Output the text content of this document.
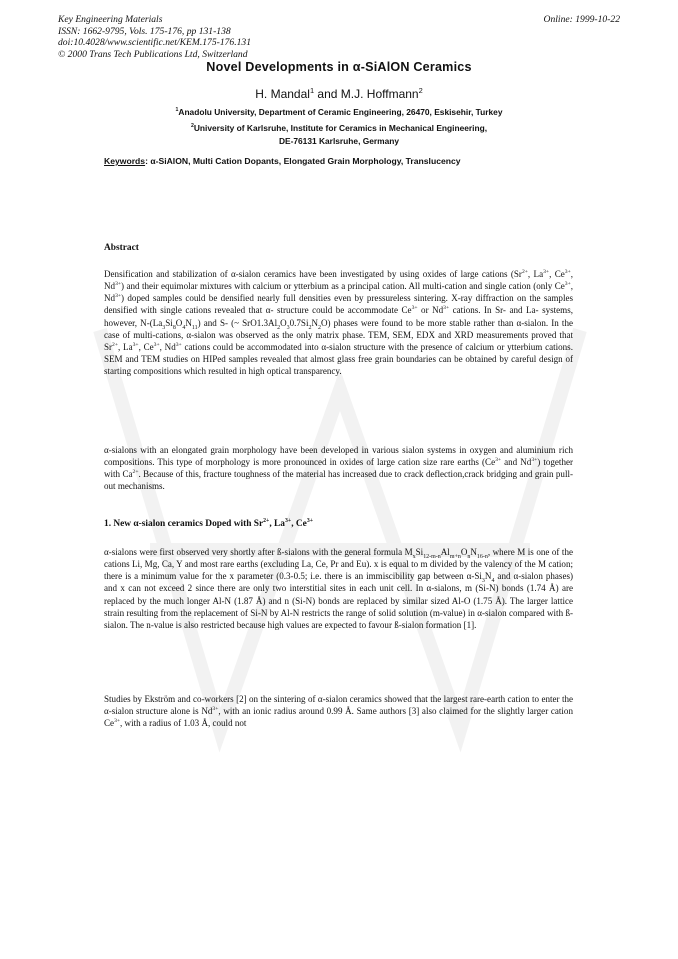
Key Engineering Materials
ISSN: 1662-9795, Vols. 175-176, pp 131-138
doi:10.4028/www.scientific.net/KEM.175-176.131
© 2000 Trans Tech Publications Ltd, Switzerland
Online: 1999-10-22
Novel Developments in α-SiAlON Ceramics
H. Mandal$^1$ and M.J. Hoffmann$^2$
$^1$Anadolu University, Department of Ceramic Engineering, 26470, Eskisehir, Turkey
$^2$University of Karlsruhe, Institute for Ceramics in Mechanical Engineering,
DE-76131 Karlsruhe, Germany
Keywords: α-SiAlON, Multi Cation Dopants, Elongated Grain Morphology, Translucency
Abstract

Densification and stabilization of α-sialon ceramics have been investigated by using oxides of large cations ($Sr^{2+}$, $La^{3+}$, $Ce^{3+}$, $Nd^{3+}$) and their equimolar mixtures with calcium or ytterbium as a principal cation. All multi-cation and single cation (only $Ce^{3+}$, $Nd^{3+}$) doped samples could be densified nearly full densities even by pressureless sintering. X-ray diffraction on the samples densified with single cations revealed that α- structure could be accommodate $Ce^{3+}$ or $Nd^{3+}$ cations. In Sr- and La- systems, however, $N-(La_3Si_8O_4N_{11})$ and S- (~ $SrO1.3Al_2O_30.7Si_2N_2O$) phases were found to be more stable rather than α-sialon. In the case of multi-cations, α-sialon was observed as the only matrix phase. TEM, SEM, EDX and XRD measurements proved that $Sr^{2+}$, $La^{3+}$, $Ce^{3+}$, $Nd^{3+}$ cations could be accommodated into α-sialon structure with the presence of calcium or ytterbium cations. SEM and TEM studies on HIPed samples revealed that almost glass free grain boundaries can be obtained by careful design of starting compositions which resulted in high optical transparency.

α-sialons with an elongated grain morphology have been developed in various sialon systems in oxygen and aluminium rich compositions. This type of morphology is more pronounced in oxides of large cation size rare earths ($Ce^{3+}$ and $Nd^{3+}$) together with $Ca^{2+}$. Because of this, fracture toughness of the material has increased due to crack deflection,crack bridging and grain pull-out mechanisms.

1. New α-sialon ceramics Doped with $Sr^{2+}$, $La^{3+}$, $Ce^{3+}$

α-sialons were first observed very shortly after ß-sialons with the general formula $M_xSi_{12-m-n}Al_{m+n}O_nN_{16-n}$, where M is one of the cations Li, Mg, Ca, Y and most rare earths (excluding La, Ce, Pr and Eu). x is equal to m divided by the valency of the M cation; there is a minimum value for the x parameter (0.3-0.5; i.e. there is an immiscibility gap between $\alpha-Si_3N_4$ and α-sialon phases) and x can not exceed 2 since there are only two interstitial sites in each unit cell. In α-sialons, m (Si-N) bonds (1.74 Å) are replaced by the much longer Al-N (1.87 Å) and n (Si-N) bonds are replaced by similar sized Al-O (1.75 Å). The larger lattice strain resulting from the replacement of Si-N by Al-N restricts the range of solid solution (m-value) in α-sialon compared with ß-sialon. The n-value is also restricted because high values are expected to favour ß-sialon formation [1].

Studies by Ekström and co-workers [2] on the sintering of α-sialon ceramics showed that the largest rare-earth cation to enter the α-sialon structure alone is $Nd^{3+}$, with an ionic radius around 0.99 Å. Same authors [3] also claimed for the slightly larger cation $Ce^{3+}$, with a radius of 1.03 Å, could not
